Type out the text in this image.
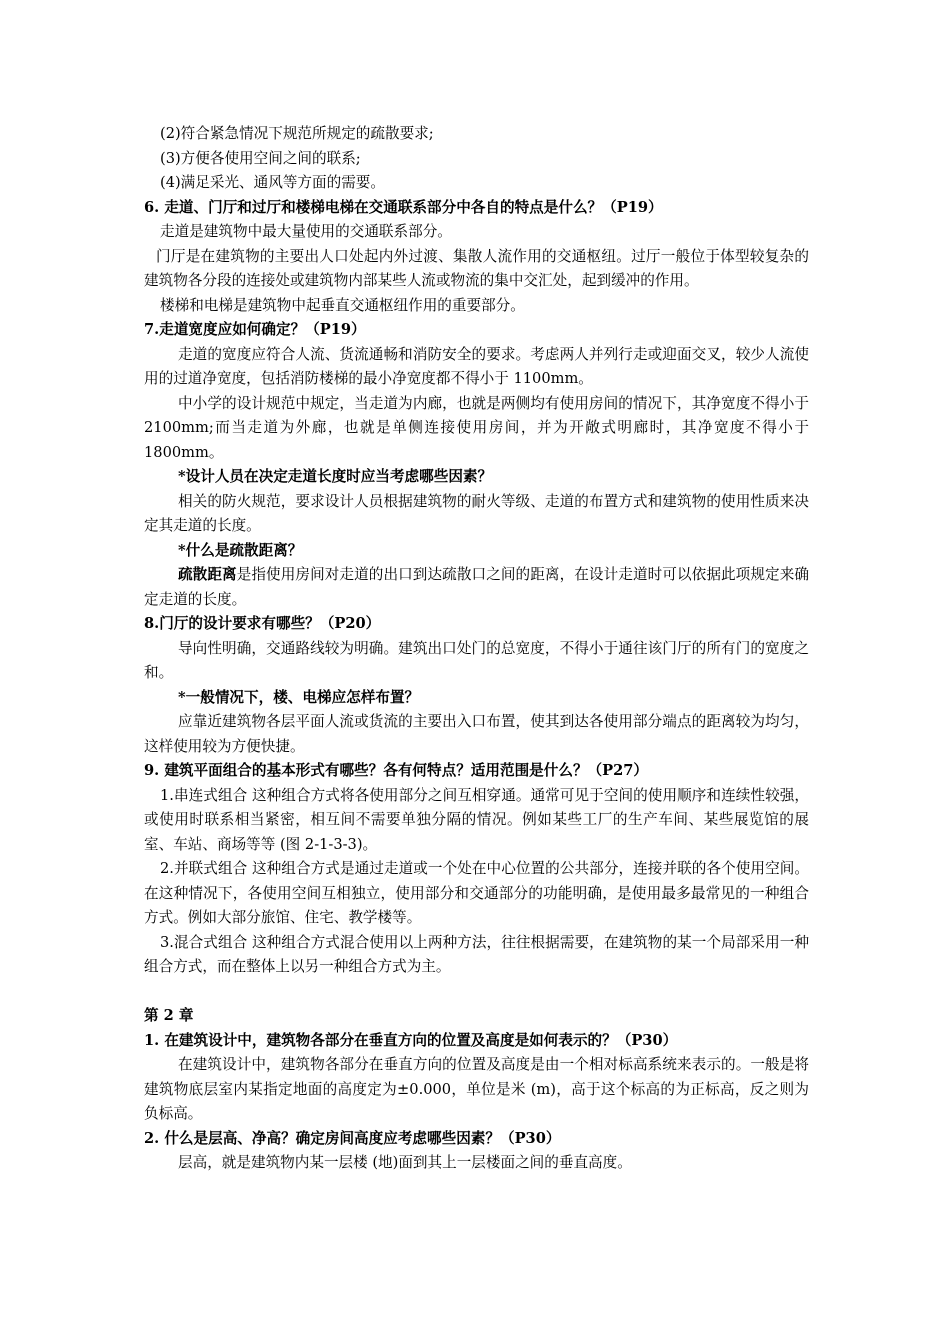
(2)符合紧急情况下规范所规定的疏散要求;

(3)方便各使用空间之间的联系;

(4)满足采光、通风等方面的需要。

6. 走道、门厅和过厅和楼梯电梯在交通联系部分中各自的特点是什么？（P19）

走道是建筑物中最大量使用的交通联系部分。

门厅是在建筑物的主要出人口处起内外过渡、集散人流作用的交通枢纽。过厅一般位于体型较复杂的建筑物各分段的连接处或建筑物内部某些人流或物流的集中交汇处，起到缓冲的作用。

楼梯和电梯是建筑物中起垂直交通枢纽作用的重要部分。

7.走道宽度应如何确定？（P19）

走道的宽度应符合人流、货流通畅和消防安全的要求。考虑两人并列行走或迎面交叉，较少人流使用的过道净宽度，包括消防楼梯的最小净宽度都不得小于 1100mm。

中小学的设计规范中规定，当走道为内廊，也就是两侧均有使用房间的情况下，其净宽度不得小于 2100mm;而当走道为外廊，也就是单侧连接使用房间，并为开敞式明廊时，其净宽度不得小于 1800mm。

*设计人员在决定走道长度时应当考虑哪些因素？

相关的防火规范，要求设计人员根据建筑物的耐火等级、走道的布置方式和建筑物的使用性质来决定其走道的长度。

*什么是疏散距离？

疏散距离是指使用房间对走道的出口到达疏散口之间的距离，在设计走道时可以依据此项规定来确定走道的长度。

8.门厅的设计要求有哪些？（P20）

导向性明确，交通路线较为明确。建筑出口处门的总宽度，不得小于通往该门厅的所有门的宽度之和。

*一般情况下，楼、电梯应怎样布置？

应靠近建筑物各层平面人流或货流的主要出入口布置，使其到达各使用部分端点的距离较为均匀，这样使用较为方便快捷。

9. 建筑平面组合的基本形式有哪些？各有何特点？适用范围是什么？（P27）

1.串连式组合 这种组合方式将各使用部分之间互相穿通。通常可见于空间的使用顺序和连续性较强，或使用时联系相当紧密，相互间不需要单独分隔的情况。例如某些工厂的生产车间、某些展览馆的展室、车站、商场等等 (图 2-1-3-3)。

2.并联式组合 这种组合方式是通过走道或一个处在中心位置的公共部分，连接并联的各个使用空间。在这种情况下，各使用空间互相独立，使用部分和交通部分的功能明确，是使用最多最常见的一种组合方式。例如大部分旅馆、住宅、教学楼等。

3.混合式组合 这种组合方式混合使用以上两种方法，往往根据需要，在建筑物的某一个局部采用一种组合方式，而在整体上以另一种组合方式为主。

第 2 章

1. 在建筑设计中，建筑物各部分在垂直方向的位置及高度是如何表示的？（P30）

在建筑设计中，建筑物各部分在垂直方向的位置及高度是由一个相对标高系统来表示的。一般是将建筑物底层室内某指定地面的高度定为±0.000，单位是米 (m)，高于这个标高的为正标高，反之则为负标高。

2. 什么是层高、净高？确定房间高度应考虑哪些因素？（P30）

层高，就是建筑物内某一层楼 (地)面到其上一层楼面之间的垂直高度。
